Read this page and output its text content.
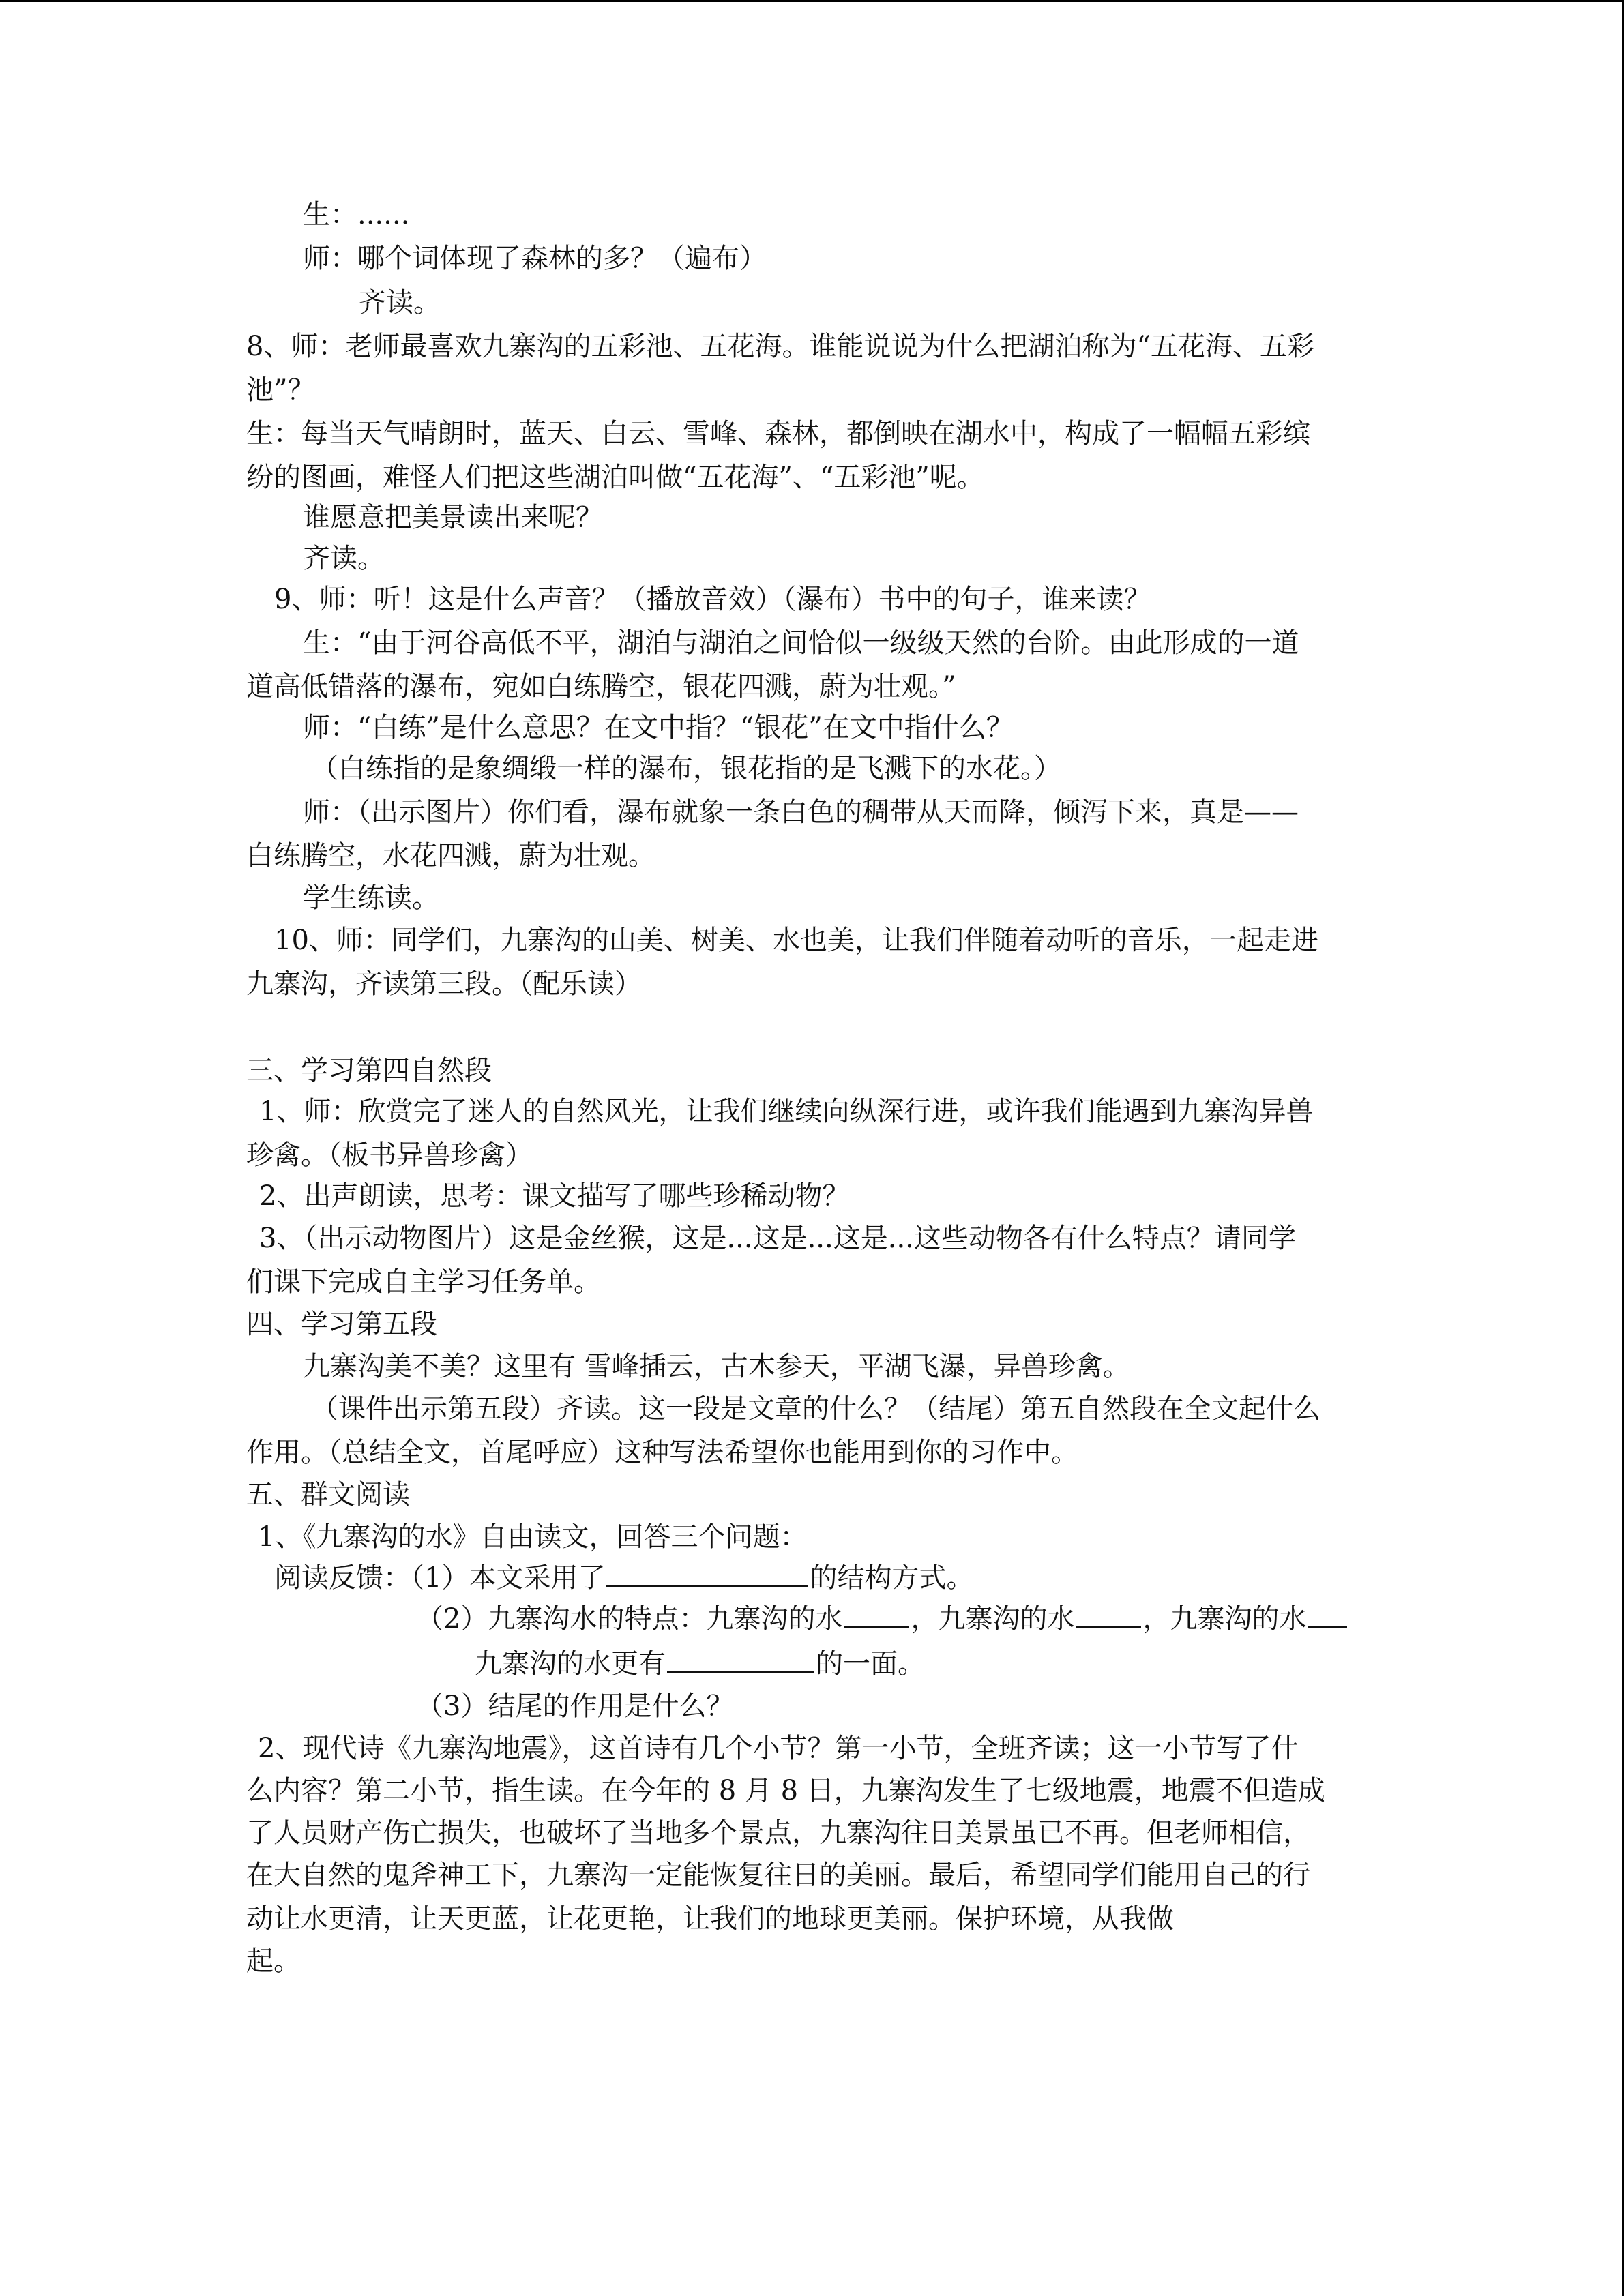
生：......
师：哪个词体现了森林的多？（遍布）
齐读。
8、师：老师最喜欢九寨沟的五彩池、五花海。谁能说说为什么把湖泊称为“五花海、五彩
池”？
生：每当天气晴朗时，蓝天、白云、雪峰、森林，都倒映在湖水中，构成了一幅幅五彩缤
纷的图画，难怪人们把这些湖泊叫做“五花海”、“五彩池”呢。
谁愿意把美景读出来呢？
齐读。
9、师：听！这是什么声音？（播放音效）（瀑布）书中的句子，谁来读？
生：“由于河谷高低不平，湖泊与湖泊之间恰似一级级天然的台阶。由此形成的一道
道高低错落的瀑布，宛如白练腾空，银花四溅，蔚为壮观。”
师：“白练”是什么意思？在文中指？“银花”在文中指什么？
（白练指的是象绸缎一样的瀑布，银花指的是飞溅下的水花。）
师：（出示图片）你们看，瀑布就象一条白色的稠带从天而降，倾泻下来，真是——
白练腾空，水花四溅，蔚为壮观。
学生练读。
10、师：同学们，九寨沟的山美、树美、水也美，让我们伴随着动听的音乐，一起走进
九寨沟，齐读第三段。（配乐读）
三、学习第四自然段
1、师：欣赏完了迷人的自然风光，让我们继续向纵深行进，或许我们能遇到九寨沟异兽
珍禽。（板书异兽珍禽）
2、出声朗读，思考：课文描写了哪些珍稀动物？
3、（出示动物图片）这是金丝猴，这是...这是...这是...这些动物各有什么特点？请同学
们课下完成自主学习任务单。
四、学习第五段
九寨沟美不美？这里有 雪峰插云，古木参天，平湖飞瀑，异兽珍禽。
（课件出示第五段）齐读。这一段是文章的什么？（结尾）第五自然段在全文起什么
作用。（总结全文，首尾呼应）这种写法希望你也能用到你的习作中。
五、群文阅读
1、《九寨沟的水》自由读文，回答三个问题：
阅读反馈：（1）本文采用了	的结构方式。
（2）九寨沟水的特点：九寨沟的水	，九寨沟的水	，九寨沟的水
九寨沟的水更有	的一面。
（3）结尾的作用是什么？
2、现代诗《九寨沟地震》，这首诗有几个小节？第一小节，全班齐读；这一小节写了什
么内容？第二小节，指生读。在今年的 8 月 8 日，九寨沟发生了七级地震，地震不但造成
了人员财产伤亡损失，也破坏了当地多个景点，九寨沟往日美景虽已不再。但老师相信，
在大自然的鬼斧神工下，九寨沟一定能恢复往日的美丽。最后，希望同学们能用自己的行
动让水更清，让天更蓝，让花更艳，让我们的地球更美丽。保护环境，从我做
起。
